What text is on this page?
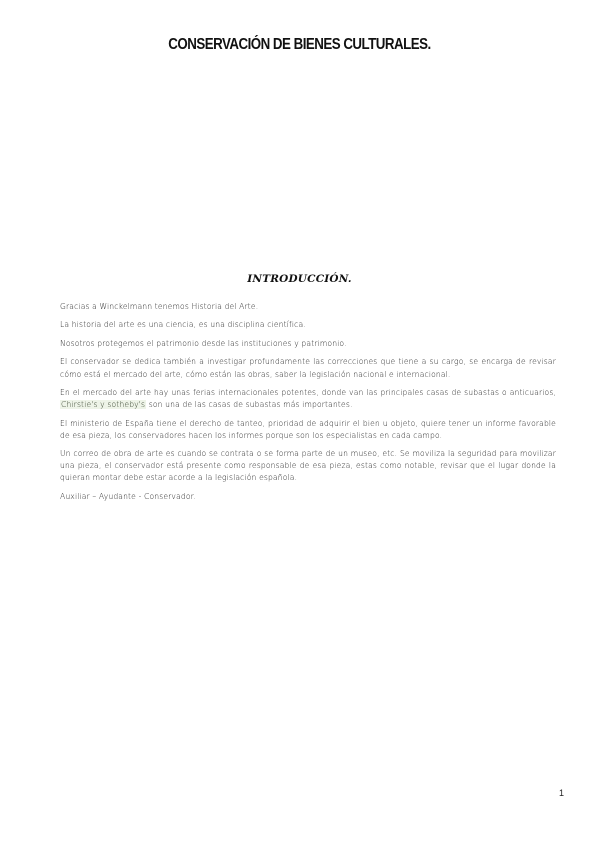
CONSERVACIÓN DE BIENES CULTURALES.
INTRODUCCIÓN.

Gracias a Winckelmann tenemos Historia del Arte.

La historia del arte es una ciencia, es una disciplina científica.

Nosotros protegemos el patrimonio desde las instituciones y patrimonio.

El conservador se dedica también a investigar profundamente las correcciones que tiene a su cargo, se encarga de revisar cómo está el mercado del arte, cómo están las obras, saber la legislación nacional e internacional.

En el mercado del arte hay unas ferias internacionales potentes, donde van las principales casas de subastas o anticuarios, Chirstie's y sotheby's son una de las casas de subastas más importantes.

El ministerio de España tiene el derecho de tanteo, prioridad de adquirir el bien u objeto, quiere tener un informe favorable de esa pieza, los conservadores hacen los informes porque son los especialistas en cada campo.

Un correo de obra de arte es cuando se contrata o se forma parte de un museo, etc. Se moviliza la seguridad para movilizar una pieza, el conservador está presente como responsable de esa pieza, estas como notable, revisar que el lugar donde la quieran montar debe estar acorde a la legislación española.

Auxiliar – Ayudante - Conservador.

1
